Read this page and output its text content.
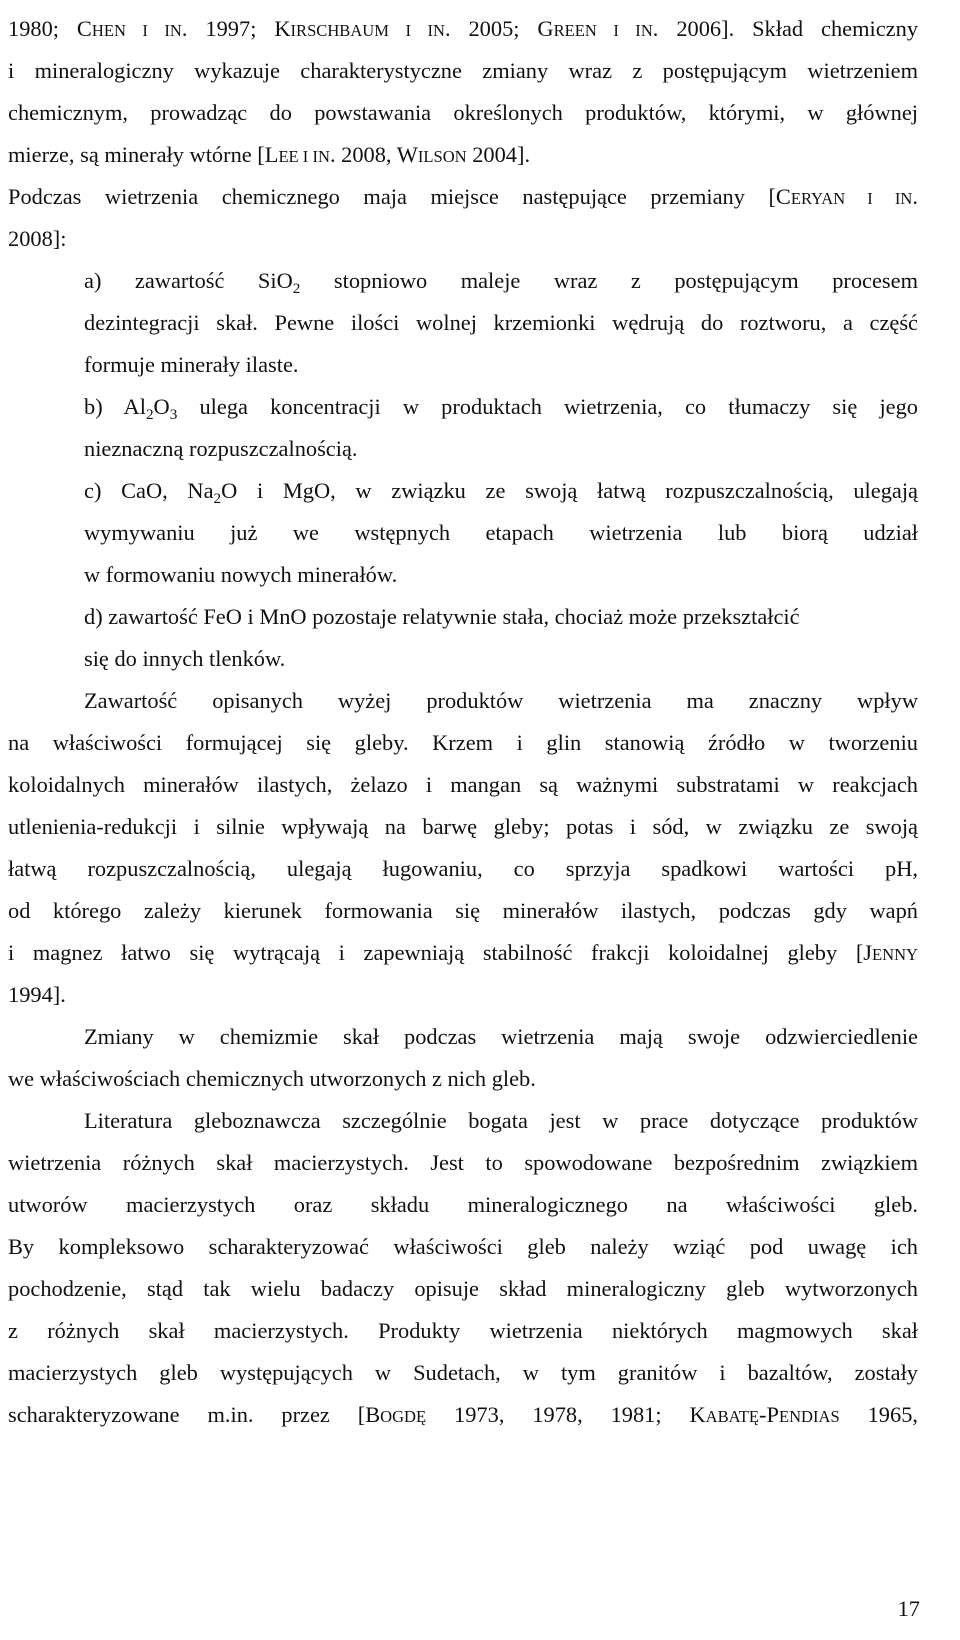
1980; CHEN I IN. 1997; KIRSCHBAUM I IN. 2005; GREEN I IN. 2006]. Skład chemiczny
i mineralogiczny wykazuje charakterystyczne zmiany wraz z postępującym wietrzeniem
chemicznym, prowadząc do powstawania określonych produktów, którymi, w głównej
mierze, są minerały wtórne [LEE I IN. 2008, WILSON 2004].
Podczas wietrzenia chemicznego maja miejsce następujące przemiany [CERYAN I IN.
2008]:
a) zawartość SiO$_2$ stopniowo maleje wraz z postępującym procesem
dezintegracji skał. Pewne ilości wolnej krzemionki wędrują do roztworu, a część
formuje minerały ilaste.
b) $Al_2O_3$ ulega koncentracji w produktach wietrzenia, co tłumaczy się jego
nieznaczną rozpuszczalnością.
c) CaO, $Na_2O$ i MgO, w związku ze swoją łatwą rozpuszczalnością, ulegają
wymywaniu już we wstępnych etapach wietrzenia lub biorą udział
w formowaniu nowych minerałów.
d) zawartość FeO i MnO pozostaje relatywnie stała, chociaż może przekształcić
się do innych tlenków.
Zawartość opisanych wyżej produktów wietrzenia ma znaczny wpływ
na właściwości formującej się gleby. Krzem i glin stanowią źródło w tworzeniu
koloidalnych minerałów ilastych, żelazo i mangan są ważnymi substratami w reakcjach
utlenienia-redukcji i silnie wpływają na barwę gleby; potas i sód, w związku ze swoją
łatwą rozpuszczalnością, ulegają ługowaniu, co sprzyja spadkowi wartości pH,
od którego zależy kierunek formowania się minerałów ilastych, podczas gdy wapń
i magnez łatwo się wytrącają i zapewniają stabilność frakcji koloidalnej gleby [JENNY
1994].
Zmiany w chemizmie skał podczas wietrzenia mają swoje odzwierciedlenie
we właściwościach chemicznych utworzonych z nich gleb.
Literatura gleboznawcza szczególnie bogata jest w prace dotyczące produktów
wietrzenia różnych skał macierzystych. Jest to spowodowane bezpośrednim związkiem
utworów macierzystych oraz składu mineralogicznego na właściwości gleb.
By kompleksowo scharakteryzować właściwości gleb należy wziąć pod uwagę ich
pochodzenie, stąd tak wielu badaczy opisuje skład mineralogiczny gleb wytworzonych
z różnych skał macierzystych. Produkty wietrzenia niektórych magmowych skał
macierzystych gleb występujących w Sudetach, w tym granitów i bazaltów, zostały
scharakteryzowane m.in. przez [BOGDĘ 1973, 1978, 1981; KABATĘ-PENDIAS 1965,
17
